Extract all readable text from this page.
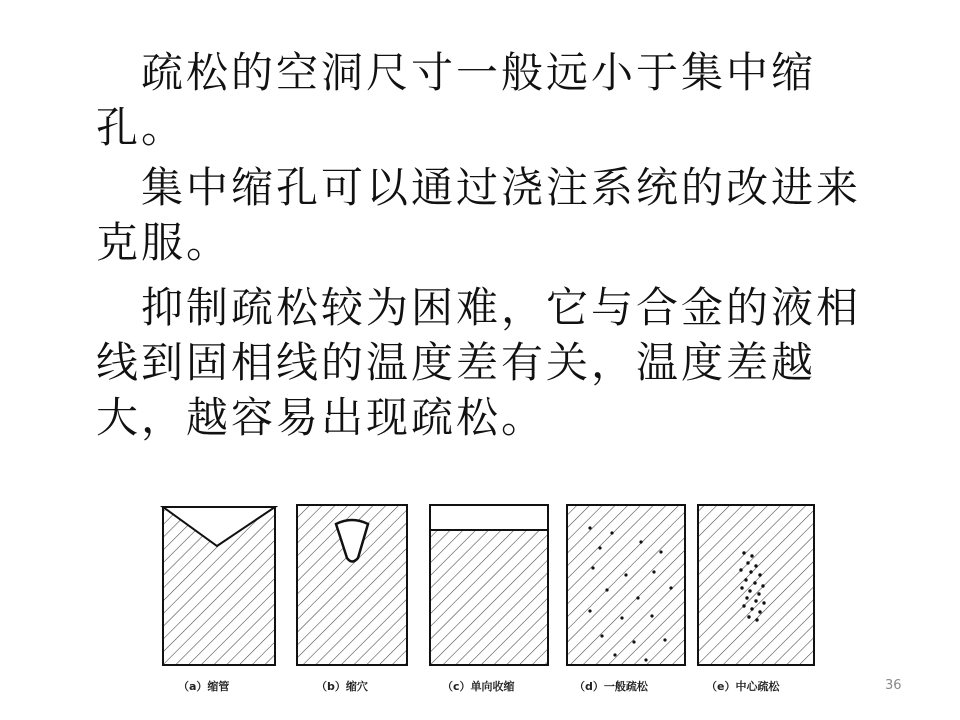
　疏松的空洞尺寸一般远小于集中缩孔。

　集中缩孔可以通过浇注系统的改进来克服。

　抑制疏松较为困难，它与合金的液相线到固相线的温度差有关，温度差越大，越容易出现疏松。

（a）缩管	（b）缩穴	（c）单向收缩	（d）一般疏松	（e）中心疏松	36
